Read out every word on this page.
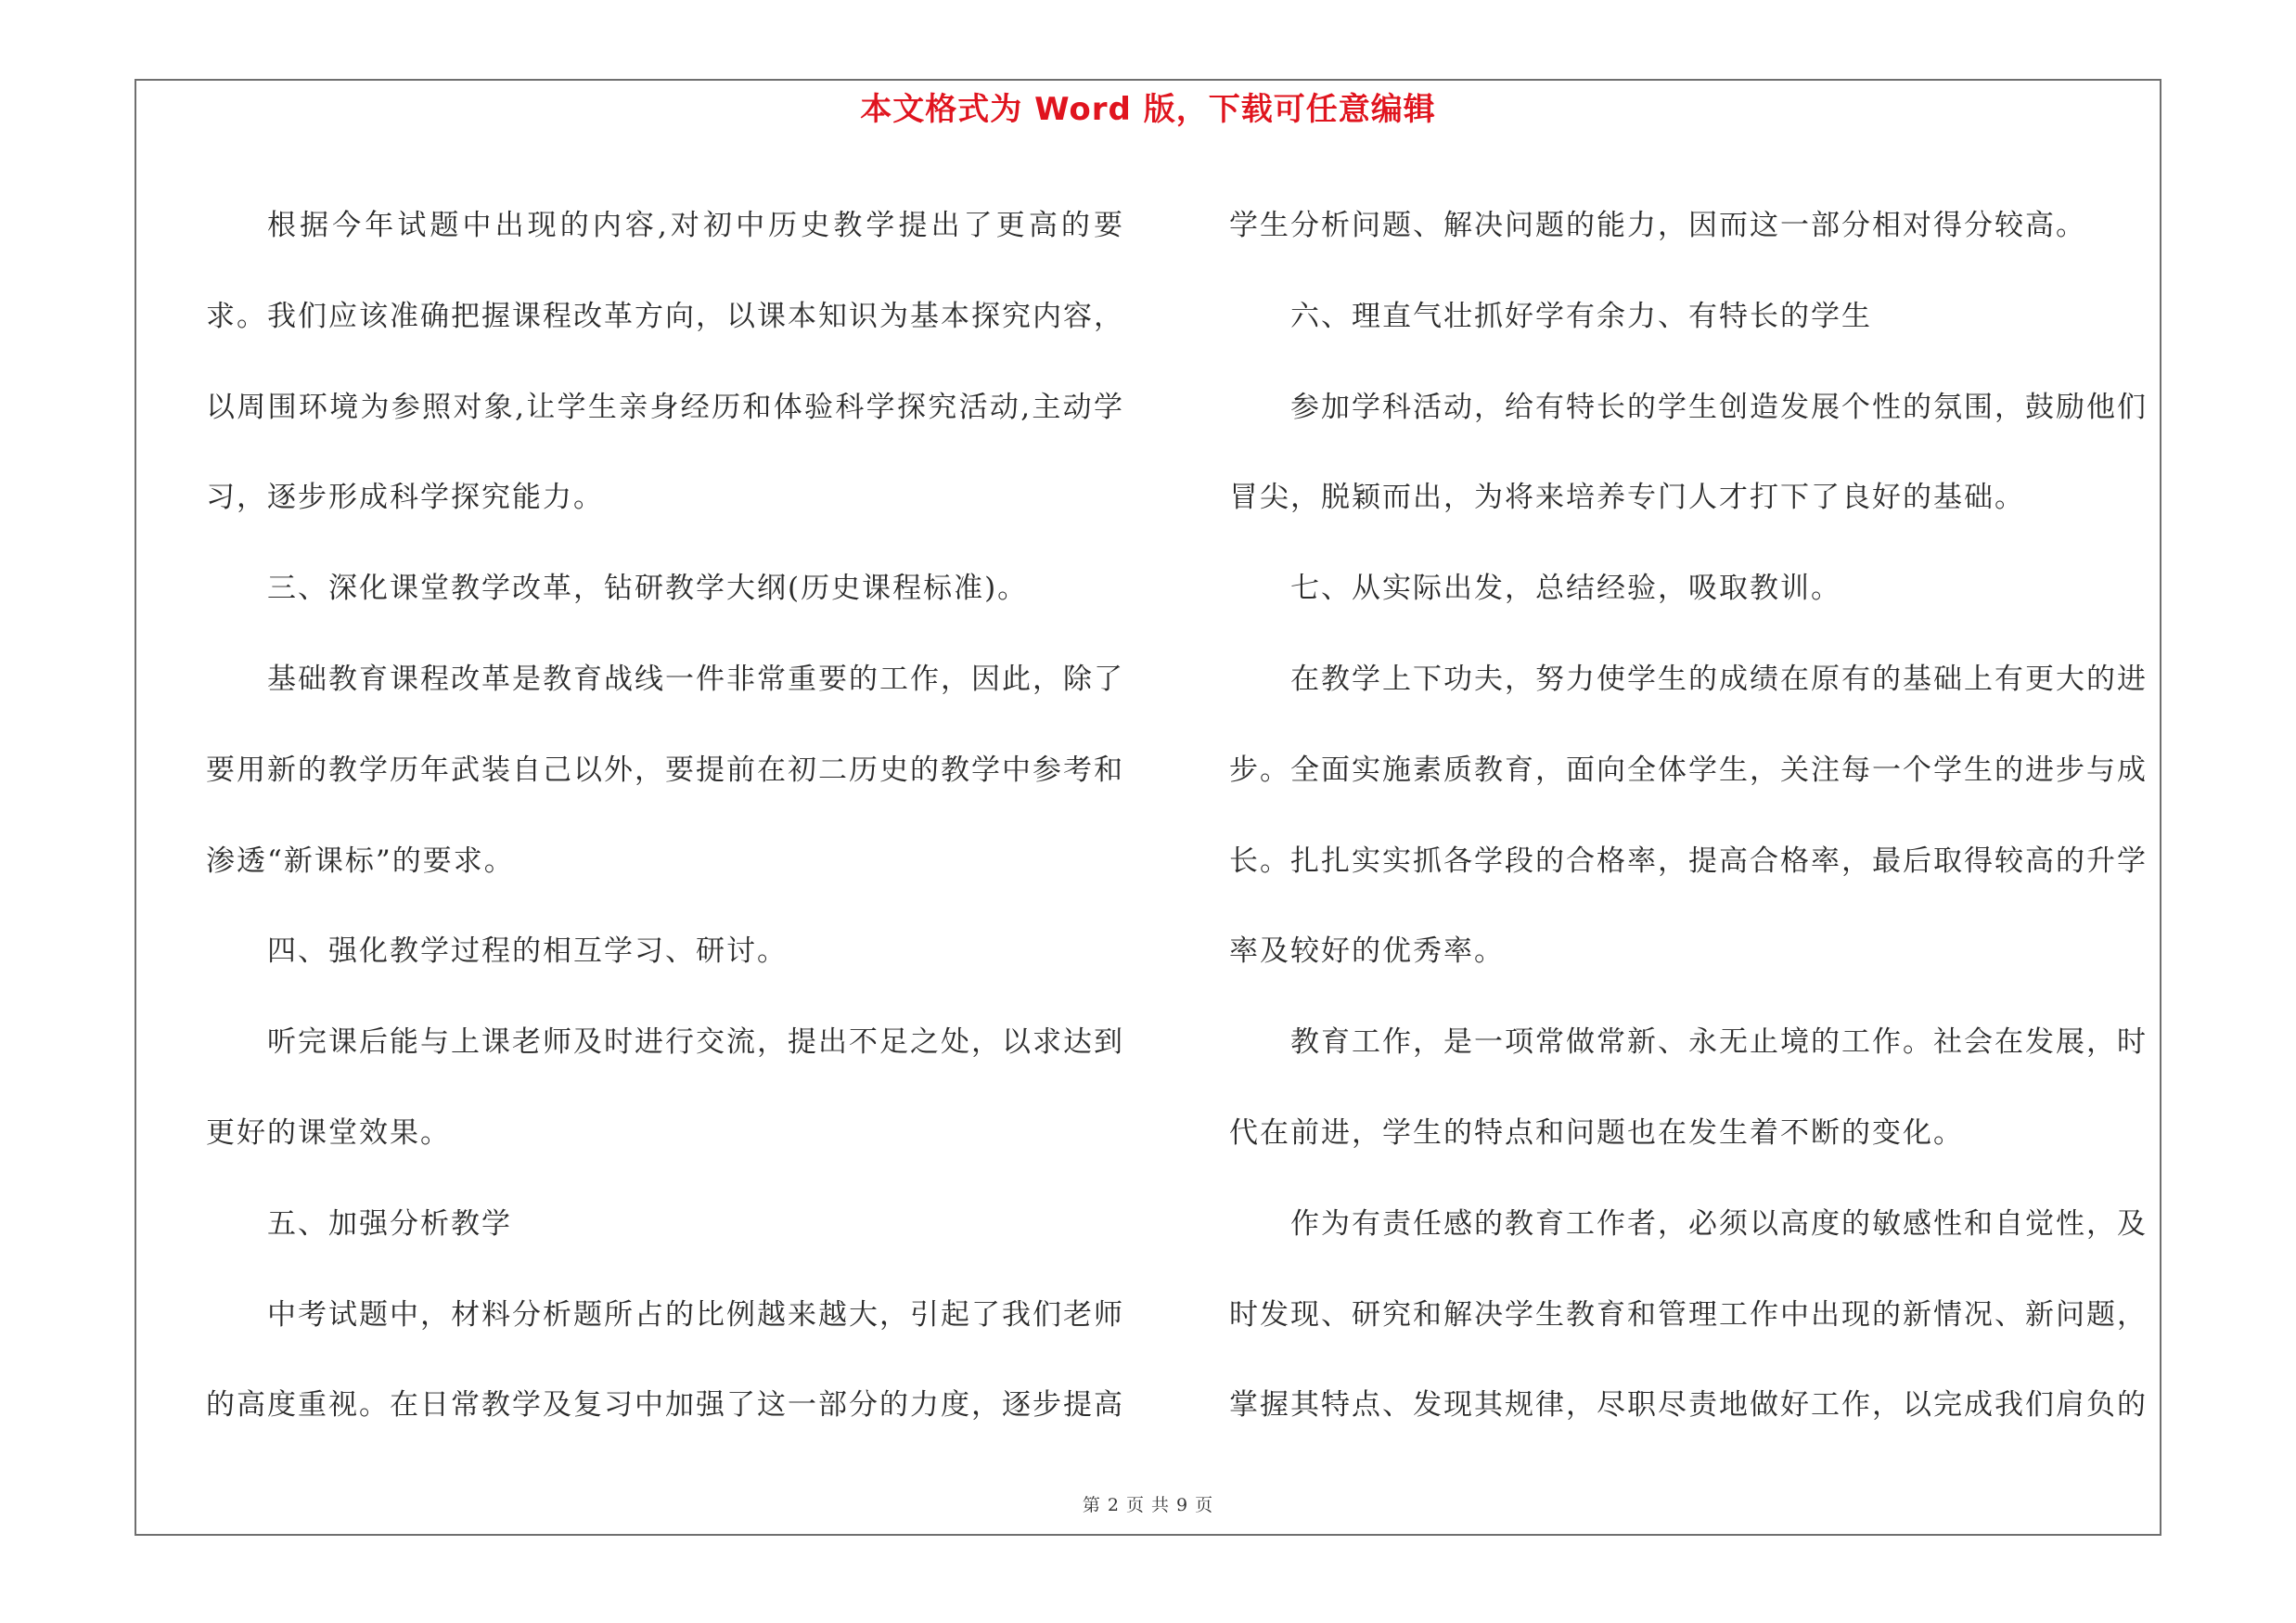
本文格式为 Word 版，下载可任意编辑

根据今年试题中出现的内容,对初中历史教学提出了更高的要求。我们应该准确把握课程改革方向，以课本知识为基本探究内容，以周围环境为参照对象,让学生亲身经历和体验科学探究活动,主动学习，逐步形成科学探究能力。

三、深化课堂教学改革，钻研教学大纲(历史课程标准)。

基础教育课程改革是教育战线一件非常重要的工作，因此，除了要用新的教学历年武装自己以外，要提前在初二历史的教学中参考和渗透“新课标”的要求。

四、强化教学过程的相互学习、研讨。

听完课后能与上课老师及时进行交流，提出不足之处，以求达到更好的课堂效果。

五、加强分析教学

中考试题中，材料分析题所占的比例越来越大，引起了我们老师的高度重视。在日常教学及复习中加强了这一部分的力度，逐步提高

学生分析问题、解决问题的能力，因而这一部分相对得分较高。

六、理直气壮抓好学有余力、有特长的学生

参加学科活动，给有特长的学生创造发展个性的氛围，鼓励他们冒尖，脱颖而出，为将来培养专门人才打下了良好的基础。

七、从实际出发，总结经验，吸取教训。

在教学上下功夫，努力使学生的成绩在原有的基础上有更大的进步。全面实施素质教育，面向全体学生，关注每一个学生的进步与成长。扎扎实实抓各学段的合格率，提高合格率，最后取得较高的升学率及较好的优秀率。

教育工作，是一项常做常新、永无止境的工作。社会在发展，时代在前进，学生的特点和问题也在发生着不断的变化。

作为有责任感的教育工作者，必须以高度的敏感性和自觉性，及时发现、研究和解决学生教育和管理工作中出现的新情况、新问题，掌握其特点、发现其规律，尽职尽责地做好工作，以完成我们肩负的

第 2 页 共 9 页
